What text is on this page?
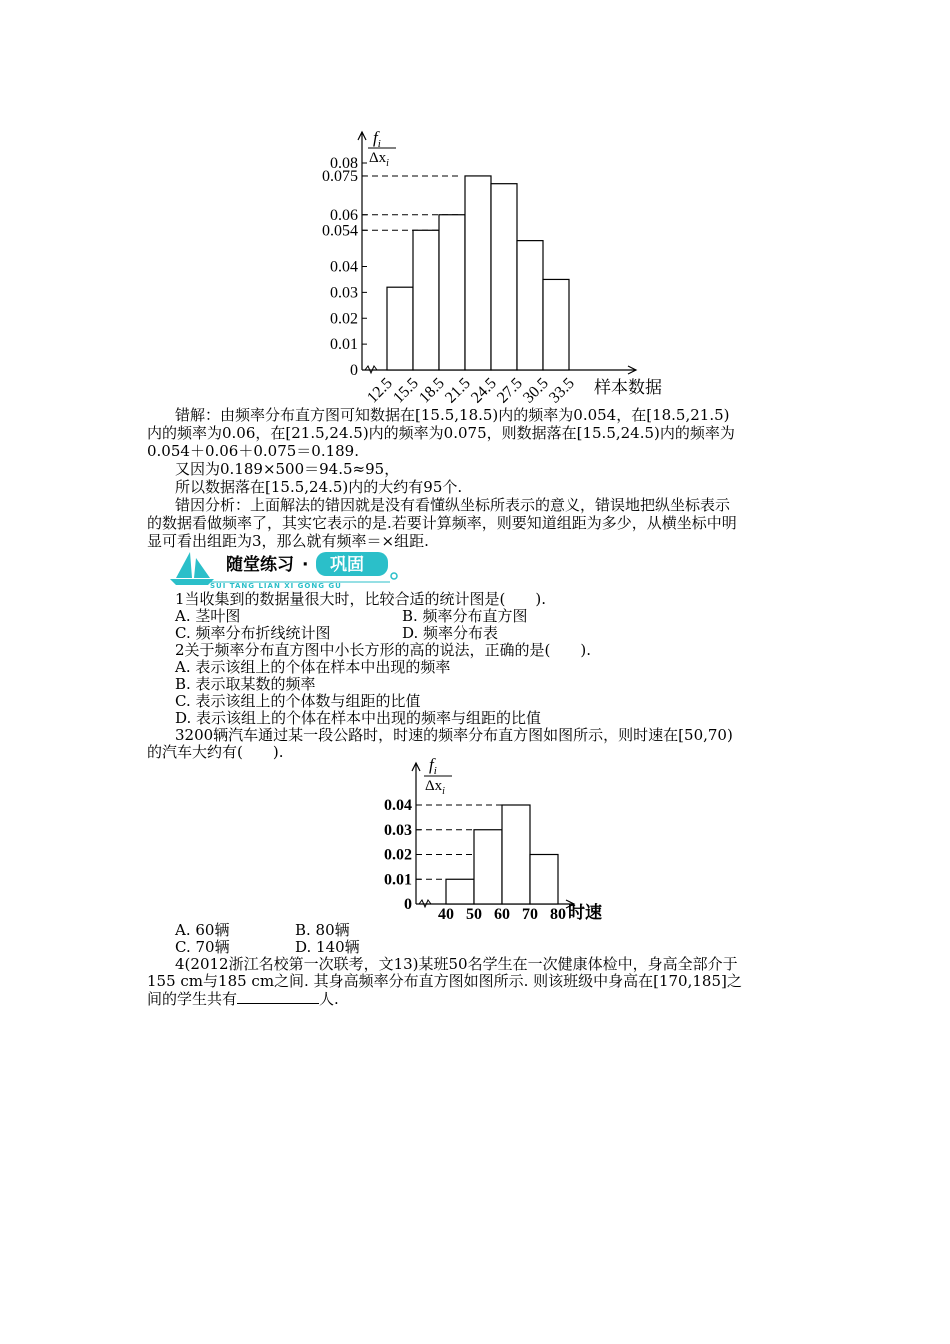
0
0.01
0.02
0.03
0.04
0.054
0.06
0.075
0.08
12.5
15.5
18.5
21.5
24.5
27.5
30.5
33.5
$f_i$
$\Delta x_i$
样本数据
错解：由频率分布直方图可知数据在[15.5,18.5)内的频率为0.054，在[18.5,21.5)
内的频率为0.06，在[21.5,24.5)内的频率为0.075，则数据落在[15.5,24.5)内的频率为
0.054＋0.06＋0.075＝0.189.
又因为0.189×500＝94.5≈95，
所以数据落在[15.5,24.5)内的大约有95个.
错因分析：上面解法的错因就是没有看懂纵坐标所表示的意义，错误地把纵坐标表示
的数据看做频率了，其实它表示的是.若要计算频率，则要知道组距为多少，从横坐标中明
显可看出组距为3，那么就有频率＝×组距.
随堂练习 · 巩固
SUI TANG LIAN XI GONG GU
1当收集到的数据量很大时，比较合适的统计图是(　　).
A. 茎叶图	B. 频率分布直方图
C. 频率分布折线统计图	D. 频率分布表
2关于频率分布直方图中小长方形的高的说法，正确的是(　　).
A. 表示该组上的个体在样本中出现的频率
B. 表示取某数的频率
C. 表示该组上的个体数与组距的比值
D. 表示该组上的个体在样本中出现的频率与组距的比值
3200辆汽车通过某一段公路时，时速的频率分布直方图如图所示，则时速在[50,70)
的汽车大约有(　　).
0
0.01
0.02
0.03
0.04
40 50 60 70 80
$f_i$
$\Delta x_i$
时速
A. 60辆	B. 80辆
C. 70辆	D. 140辆
4(2012浙江名校第一次联考，文13)某班50名学生在一次健康体检中，身高全部介于
155 cm与185 cm之间. 其身高频率分布直方图如图所示. 则该班级中身高在[170,185]之
间的学生共有	人.
